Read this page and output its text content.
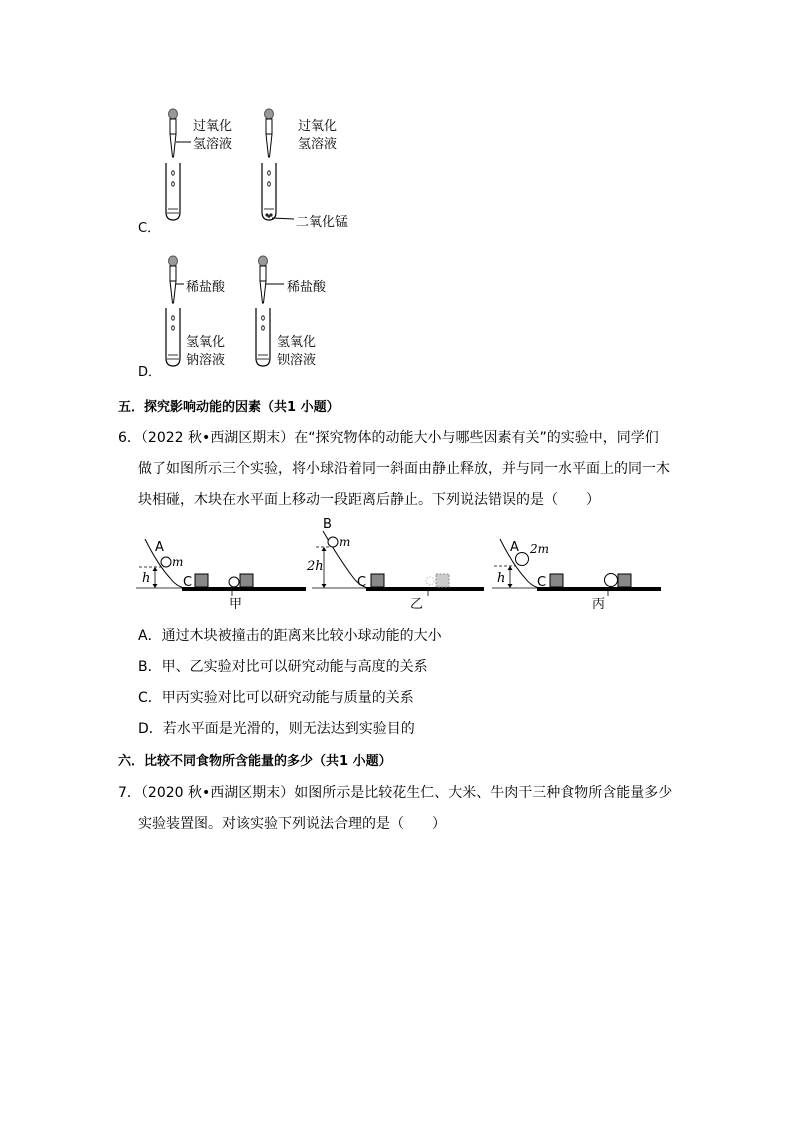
过氧化
氢溶液
过氧化
氢溶液
二氧化锰
C．
稀盐酸	稀盐酸
氢氧化
钠溶液
氢氧化
钡溶液
D．
五．探究影响动能的因素（共1 小题）
6．（2022 秋•西湖区期末）在“探究物体的动能大小与哪些因素有关”的实验中，同学们
做了如图所示三个实验，将小球沿着同一斜面由静止释放，并与同一水平面上的同一木
块相碰，木块在水平面上移动一段距离后静止。下列说法错误的是（　　）
A
m
h	C
甲
B
m
2h
C
乙
A 2m
h C
丙
A．通过木块被撞击的距离来比较小球动能的大小
B．甲、乙实验对比可以研究动能与高度的关系
C．甲丙实验对比可以研究动能与质量的关系
D．若水平面是光滑的，则无法达到实验目的
六．比较不同食物所含能量的多少（共1 小题）
7．（2020 秋•西湖区期末）如图所示是比较花生仁、大米、牛肉干三种食物所含能量多少
实验装置图。对该实验下列说法合理的是（　　）
